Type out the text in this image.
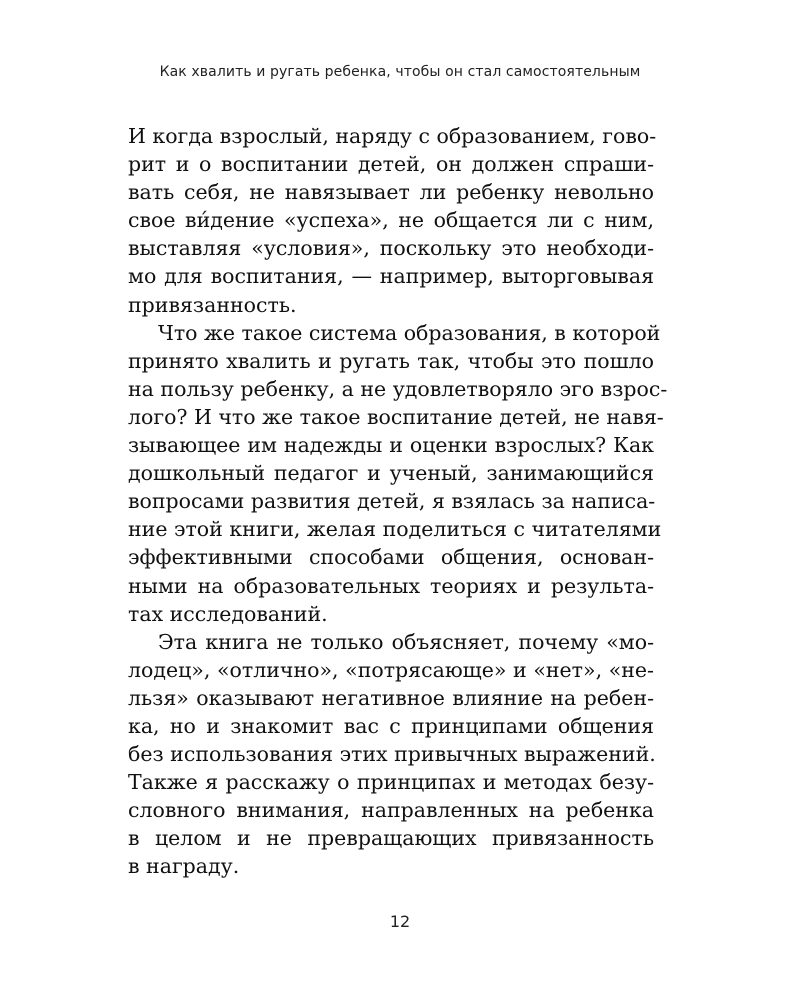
Как хвалить и ругать ребенка, чтобы он стал самостоятельным
И когда взрослый, наряду с образованием, гово-
рит и о воспитании детей, он должен спраши-
вать себя, не навязывает ли ребенку невольно
свое ви́дение «успеха», не общается ли с ним,
выставляя «условия», поскольку это необходи-
мо для воспитания, — например, выторговывая
привязанность.
Что же такое система образования, в которой
принято хвалить и ругать так, чтобы это пошло
на пользу ребенку, а не удовлетворяло эго взрос-
лого? И что же такое воспитание детей, не навя-
зывающее им надежды и оценки взрослых? Как
дошкольный педагог и ученый, занимающийся
вопросами развития детей, я взялась за написа-
ние этой книги, желая поделиться с читателями
эффективными способами общения, основан-
ными на образовательных теориях и результа-
тах исследований.
Эта книга не только объясняет, почему «мо-
лодец», «отлично», «потрясающе» и «нет», «не-
льзя» оказывают негативное влияние на ребен-
ка, но и знакомит вас с принципами общения
без использования этих привычных выражений.
Также я расскажу о принципах и методах безу-
словного внимания, направленных на ребенка
в целом и не превращающих привязанность
в награду.
12
